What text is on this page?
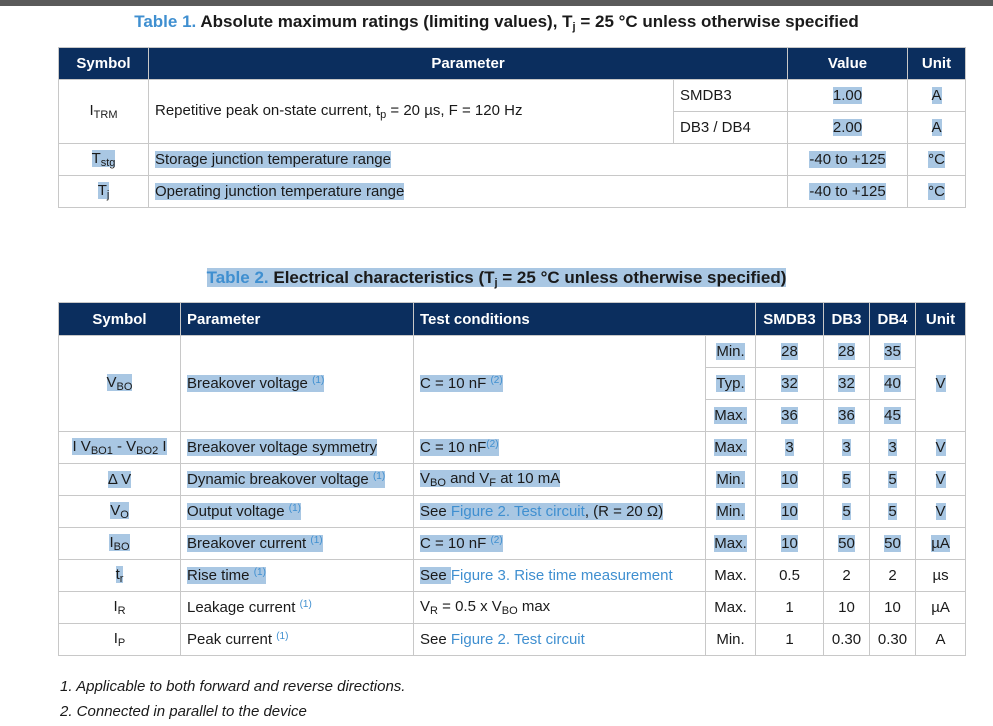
Table 1. Absolute maximum ratings (limiting values), $T_j = 25$ °C unless otherwise specified
Symbol	Parameter		Value	Unit
$I_{TRM}$	Repetitive peak on-state current, $t_p = 20$ µs, F = 120 Hz	SMDB3	1.00	A
		DB3 / DB4	2.00	A
$T_{stg}$	Storage junction temperature range		-40 to +125	°C
$T_j$	Operating junction temperature range		-40 to +125	°C
Table 2. Electrical characteristics ($T_j = 25$ °C unless otherwise specified)
Symbol	Parameter	Test conditions		SMDB3	DB3	DB4	Unit
$V_{BO}$	Breakover voltage $^{(1)}$	C = 10 nF $^{(2)}$	Min.	28	28	35	V
			Typ.	32	32	40	
			Max.	36	36	45	
I $V_{BO1} - V_{BO2}$ I	Breakover voltage symmetry	C = 10 $nF^{(2)}$	Max.	3	3	3	V
Δ V	Dynamic breakover voltage $^{(1)}$	$V_{BO}$ and $V_F$ at 10 mA	Min.	10	5	5	V
$V_O$	Output voltage $^{(1)}$	See Figure 2. Test circuit, (R = 20 Ω)	Min.	10	5	5	V
$I_{BO}$	Breakover current $^{(1)}$	C = 10 nF $^{(2)}$	Max.	10	50	50	µA
$t_r$	Rise time $^{(1)}$	See Figure 3. Rise time measurement	Max.	0.5	2	2	µs
$I_R$	Leakage current $^{(1)}$	$V_R = 0.5$ x $V_{BO}$ max	Max.	1	10	10	µA
$I_P$	Peak current $^{(1)}$	See Figure 2. Test circuit	Min.	1	0.30	0.30	A
1. Applicable to both forward and reverse directions.
2. Connected in parallel to the device
